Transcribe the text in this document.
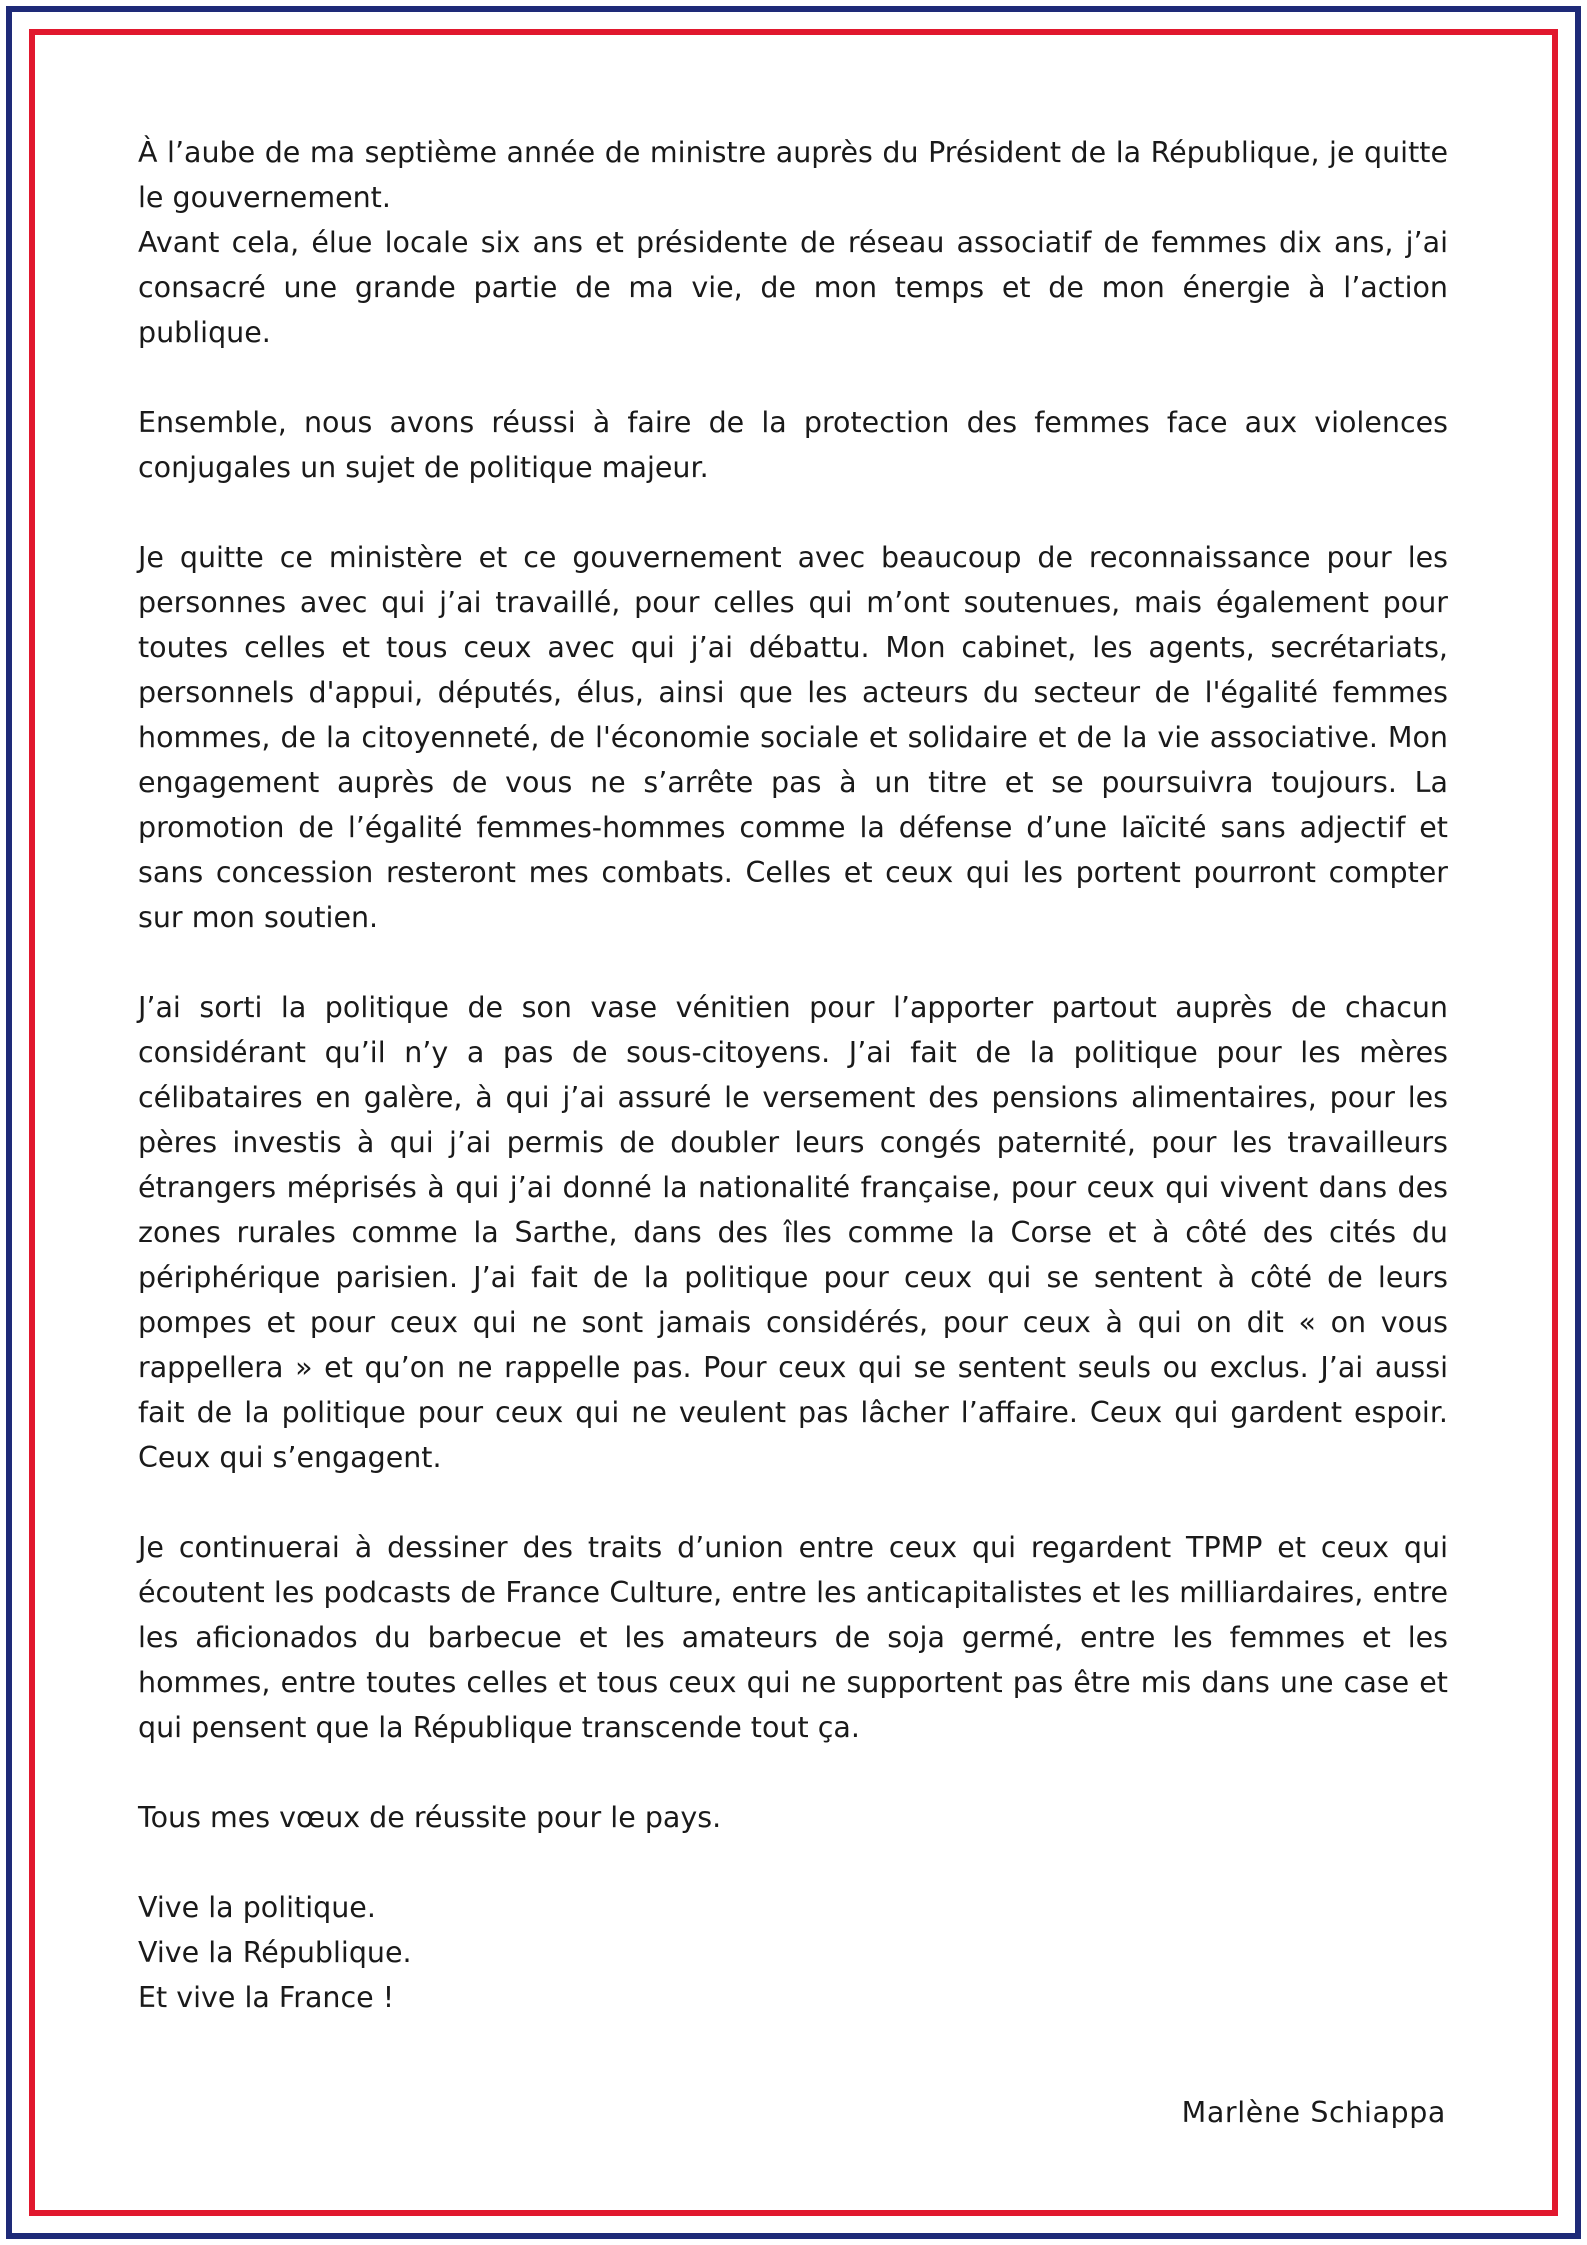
À l’aube de ma septième année de ministre auprès du Président de la République, je quitte le gouvernement.

Avant cela, élue locale six ans et présidente de réseau associatif de femmes dix ans, j’ai consacré une grande partie de ma vie, de mon temps et de mon énergie à l’action publique.

Ensemble, nous avons réussi à faire de la protection des femmes face aux violences conjugales un sujet de politique majeur.

Je quitte ce ministère et ce gouvernement avec beaucoup de reconnaissance pour les personnes avec qui j’ai travaillé, pour celles qui m’ont soutenues, mais également pour toutes celles et tous ceux avec qui j’ai débattu. Mon cabinet, les agents, secrétariats, personnels d'appui, députés, élus, ainsi que les acteurs du secteur de l'égalité femmes hommes, de la citoyenneté, de l'économie sociale et solidaire et de la vie associative. Mon engagement auprès de vous ne s’arrête pas à un titre et se poursuivra toujours. La promotion de l’égalité femmes-hommes comme la défense d’une laïcité sans adjectif et sans concession resteront mes combats. Celles et ceux qui les portent pourront compter sur mon soutien.

J’ai sorti la politique de son vase vénitien pour l’apporter partout auprès de chacun considérant qu’il n’y a pas de sous-citoyens. J’ai fait de la politique pour les mères célibataires en galère, à qui j’ai assuré le versement des pensions alimentaires, pour les pères investis à qui j’ai permis de doubler leurs congés paternité, pour les travailleurs étrangers méprisés à qui j’ai donné la nationalité française, pour ceux qui vivent dans des zones rurales comme la Sarthe, dans des îles comme la Corse et à côté des cités du périphérique parisien. J’ai fait de la politique pour ceux qui se sentent à côté de leurs pompes et pour ceux qui ne sont jamais considérés, pour ceux à qui on dit « on vous rappellera » et qu’on ne rappelle pas. Pour ceux qui se sentent seuls ou exclus. J’ai aussi fait de la politique pour ceux qui ne veulent pas lâcher l’affaire. Ceux qui gardent espoir. Ceux qui s’engagent.

Je continuerai à dessiner des traits d’union entre ceux qui regardent TPMP et ceux qui écoutent les podcasts de France Culture, entre les anticapitalistes et les milliardaires, entre les aficionados du barbecue et les amateurs de soja germé, entre les femmes et les hommes, entre toutes celles et tous ceux qui ne supportent pas être mis dans une case et qui pensent que la République transcende tout ça.

Tous mes vœux de réussite pour le pays.

Vive la politique.
Vive la République.
Et vive la France !
Marlène Schiappa
